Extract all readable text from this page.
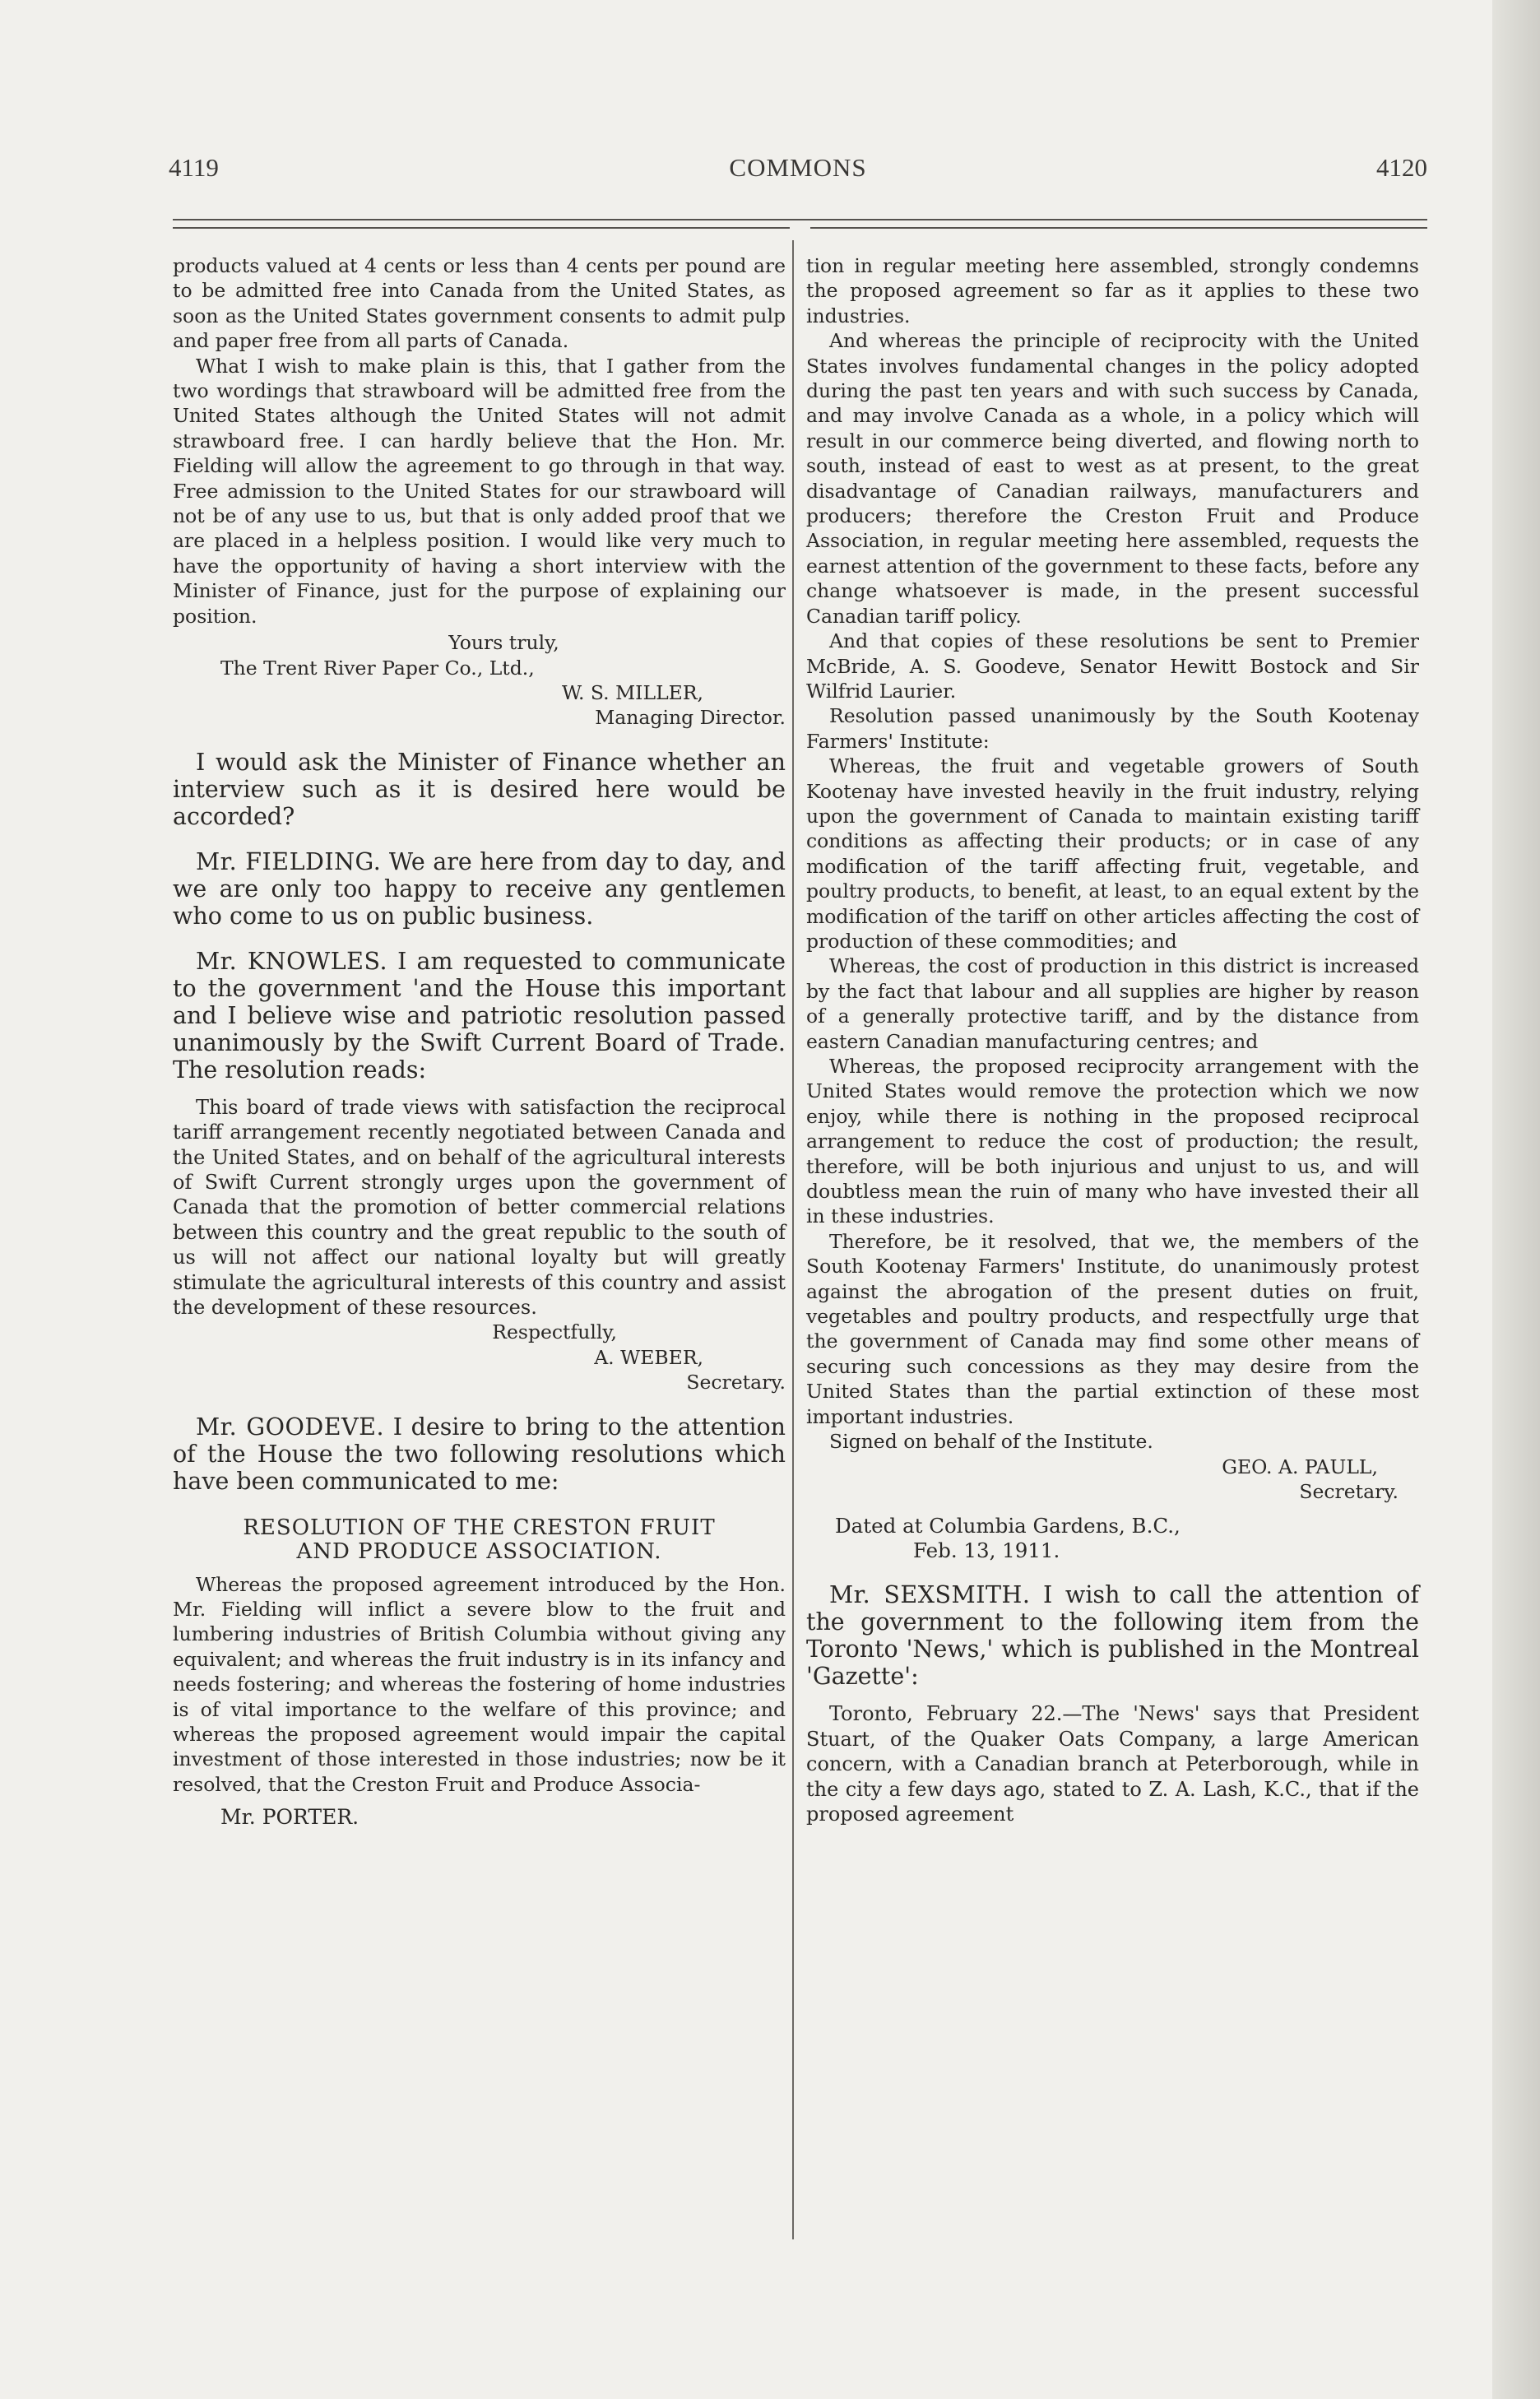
4119	COMMONS	4120

products valued at 4 cents or less than 4 cents per pound are to be admitted free into Canada from the United States, as soon as the United States government consents to admit pulp and paper free from all parts of Canada.

What I wish to make plain is this, that I gather from the two wordings that strawboard will be admitted free from the United States although the United States will not admit strawboard free. I can hardly believe that the Hon. Mr. Fielding will allow the agreement to go through in that way. Free admission to the United States for our strawboard will not be of any use to us, but that is only added proof that we are placed in a helpless position. I would like very much to have the opportunity of having a short interview with the Minister of Finance, just for the purpose of explaining our position.

Yours truly,
The Trent River Paper Co., Ltd.,
W. S. MILLER,
Managing Director.

I would ask the Minister of Finance whether an interview such as it is desired here would be accorded?

Mr. FIELDING. We are here from day to day, and we are only too happy to receive any gentlemen who come to us on public business.

Mr. KNOWLES. I am requested to communicate to the government 'and the House this important and I believe wise and patriotic resolution passed unanimously by the Swift Current Board of Trade. The resolution reads:

This board of trade views with satisfaction the reciprocal tariff arrangement recently negotiated between Canada and the United States, and on behalf of the agricultural interests of Swift Current strongly urges upon the government of Canada that the promotion of better commercial relations between this country and the great republic to the south of us will not affect our national loyalty but will greatly stimulate the agricultural interests of this country and assist the development of these resources.

Respectfully,
A. WEBER,
Secretary.

Mr. GOODEVE. I desire to bring to the attention of the House the two following resolutions which have been communicated to me:

RESOLUTION OF THE CRESTON FRUIT
AND PRODUCE ASSOCIATION.

Whereas the proposed agreement introduced by the Hon. Mr. Fielding will inflict a severe blow to the fruit and lumbering industries of British Columbia without giving any equivalent; and whereas the fruit industry is in its infancy and needs fostering; and whereas the fostering of home industries is of vital importance to the welfare of this province; and whereas the proposed agreement would impair the capital investment of those interested in those industries; now be it resolved, that the Creston Fruit and Produce Associa-

Mr. PORTER.

tion in regular meeting here assembled, strongly condemns the proposed agreement so far as it applies to these two industries.

And whereas the principle of reciprocity with the United States involves fundamental changes in the policy adopted during the past ten years and with such success by Canada, and may involve Canada as a whole, in a policy which will result in our commerce being diverted, and flowing north to south, instead of east to west as at present, to the great disadvantage of Canadian railways, manufacturers and producers; therefore the Creston Fruit and Produce Association, in regular meeting here assembled, requests the earnest attention of the government to these facts, before any change whatsoever is made, in the present successful Canadian tariff policy.

And that copies of these resolutions be sent to Premier McBride, A. S. Goodeve, Senator Hewitt Bostock and Sir Wilfrid Laurier.

Resolution passed unanimously by the South Kootenay Farmers' Institute:

Whereas, the fruit and vegetable growers of South Kootenay have invested heavily in the fruit industry, relying upon the government of Canada to maintain existing tariff conditions as affecting their products; or in case of any modification of the tariff affecting fruit, vegetable, and poultry products, to benefit, at least, to an equal extent by the modification of the tariff on other articles affecting the cost of production of these commodities; and

Whereas, the cost of production in this district is increased by the fact that labour and all supplies are higher by reason of a generally protective tariff, and by the distance from eastern Canadian manufacturing centres; and

Whereas, the proposed reciprocity arrangement with the United States would remove the protection which we now enjoy, while there is nothing in the proposed reciprocal arrangement to reduce the cost of production; the result, therefore, will be both injurious and unjust to us, and will doubtless mean the ruin of many who have invested their all in these industries.

Therefore, be it resolved, that we, the members of the South Kootenay Farmers' Institute, do unanimously protest against the abrogation of the present duties on fruit, vegetables and poultry products, and respectfully urge that the government of Canada may find some other means of securing such concessions as they may desire from the United States than the partial extinction of these most important industries.

Signed on behalf of the Institute.

GEO. A. PAULL,
Secretary.
Dated at Columbia Gardens, B.C.,
Feb. 13, 1911.

Mr. SEXSMITH. I wish to call the attention of the government to the following item from the Toronto 'News,' which is published in the Montreal 'Gazette':

Toronto, February 22.—The 'News' says that President Stuart, of the Quaker Oats Company, a large American concern, with a Canadian branch at Peterborough, while in the city a few days ago, stated to Z. A. Lash, K.C., that if the proposed agreement
